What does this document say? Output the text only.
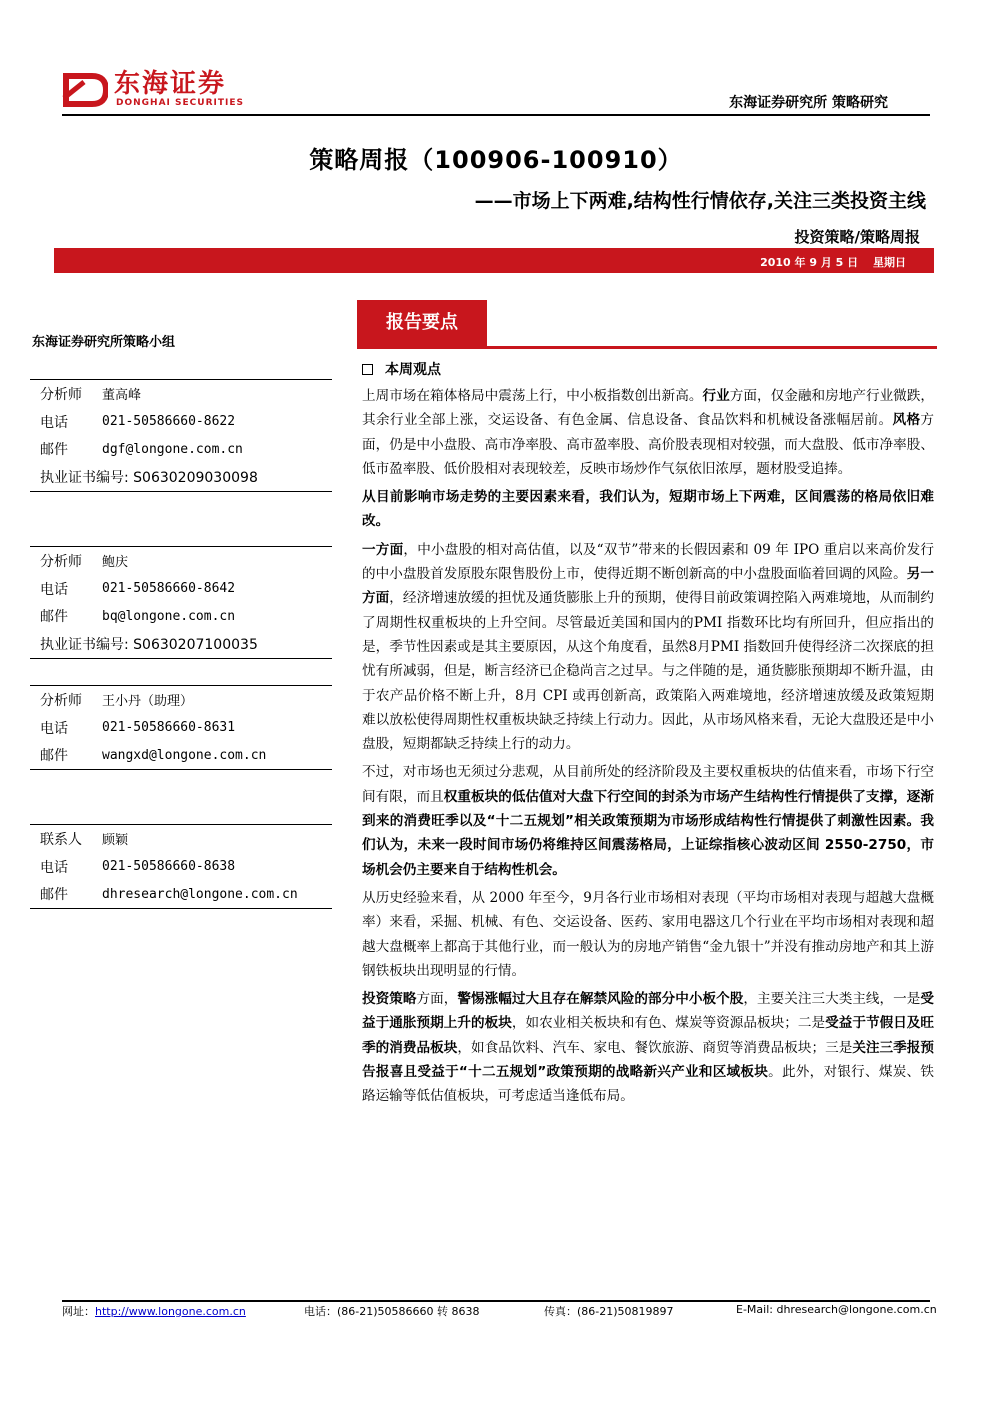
东海证券
DONGHAI SECURITIES	东海证券研究所 策略研究
策略周报（100906-100910）
——市场上下两难,结构性行情依存,关注三类投资主线
投资策略/策略周报
2010 年 9 月 5 日　 星期日
东海证券研究所策略小组
分析师	董高峰
电话	021-50586660-8622
邮件	dgf@longone.com.cn
执业证书编号: S0630209030098
分析师	鲍庆
电话	021-50586660-8642
邮件	bq@longone.com.cn
执业证书编号: S0630207100035
分析师	王小丹（助理）
电话	021-50586660-8631
邮件	wangxd@longone.com.cn
联系人	顾颖
电话	021-50586660-8638
邮件	dhresearch@longone.com.cn
报告要点
本周观点

上周市场在箱体格局中震荡上行，中小板指数创出新高。行业方面，仅金融和房地产行业微跌，其余行业全部上涨，交运设备、有色金属、信息设备、食品饮料和机械设备涨幅居前。风格方面，仍是中小盘股、高市净率股、高市盈率股、高价股表现相对较强，而大盘股、低市净率股、低市盈率股、低价股相对表现较差，反映市场炒作气氛依旧浓厚，题材股受追捧。

从目前影响市场走势的主要因素来看，我们认为，短期市场上下两难，区间震荡的格局依旧难改。

一方面，中小盘股的相对高估值，以及“双节”带来的长假因素和 09 年 IPO 重启以来高价发行的中小盘股首发原股东限售股份上市，使得近期不断创新高的中小盘股面临着回调的风险。另一方面，经济增速放缓的担忧及通货膨胀上升的预期，使得目前政策调控陷入两难境地，从而制约了周期性权重板块的上升空间。尽管最近美国和国内的PMI 指数环比均有所回升，但应指出的是，季节性因素或是其主要原因，从这个角度看，虽然8月PMI 指数回升使得经济二次探底的担忧有所减弱，但是，断言经济已企稳尚言之过早。与之伴随的是，通货膨胀预期却不断升温，由于农产品价格不断上升，8月 CPI 或再创新高，政策陷入两难境地，经济增速放缓及政策短期难以放松使得周期性权重板块缺乏持续上行动力。因此，从市场风格来看，无论大盘股还是中小盘股，短期都缺乏持续上行的动力。

不过，对市场也无须过分悲观，从目前所处的经济阶段及主要权重板块的估值来看，市场下行空间有限，而且权重板块的低估值对大盘下行空间的封杀为市场产生结构性行情提供了支撑，逐渐到来的消费旺季以及“十二五规划”相关政策预期为市场形成结构性行情提供了刺激性因素。我们认为，未来一段时间市场仍将维持区间震荡格局，上证综指核心波动区间 2550-2750，市场机会仍主要来自于结构性机会。

从历史经验来看，从 2000 年至今，9月各行业市场相对表现（平均市场相对表现与超越大盘概率）来看，采掘、机械、有色、交运设备、医药、家用电器这几个行业在平均市场相对表现和超越大盘概率上都高于其他行业，而一般认为的房地产销售“金九银十”并没有推动房地产和其上游钢铁板块出现明显的行情。

投资策略方面，警惕涨幅过大且存在解禁风险的部分中小板个股，主要关注三大类主线，一是受益于通胀预期上升的板块，如农业相关板块和有色、煤炭等资源品板块；二是受益于节假日及旺季的消费品板块，如食品饮料、汽车、家电、餐饮旅游、商贸等消费品板块；三是关注三季报预告报喜且受益于“十二五规划”政策预期的战略新兴产业和区域板块。此外，对银行、煤炭、铁路运输等低估值板块，可考虑适当逢低布局。

网址：http://www.longone.com.cn	电话：(86-21)50586660 转 8638	传真：(86-21)50819897	E-Mail: dhresearch@longone.com.cn
